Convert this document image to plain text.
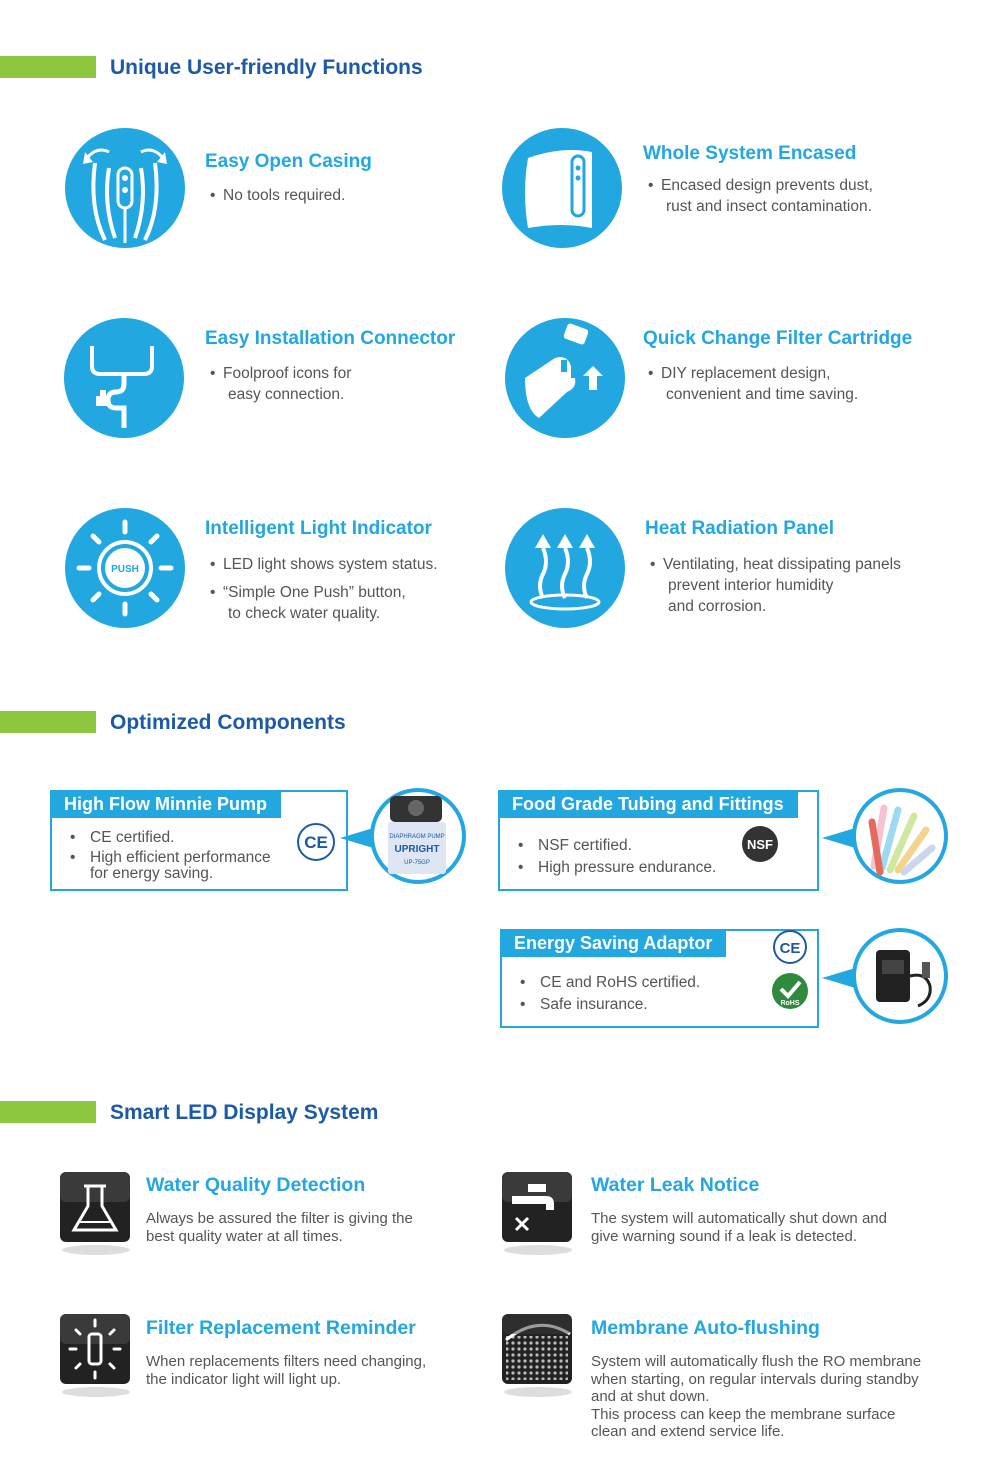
Unique User-friendly Functions
Easy Open Casing
• No tools required.
Whole System Encased
• Encased design prevents dust,
rust and insect contamination.
Easy Installation Connector
• Foolproof icons for
easy connection.
Quick Change Filter Cartridge
• DIY replacement design,
convenient and time saving.
PUSH
Intelligent Light Indicator
• LED light shows system status.
• “Simple One Push” button,
to check water quality.
Heat Radiation Panel
• Ventilating, heat dissipating panels
prevent interior humidity
and corrosion.
Optimized Components
High Flow Minnie Pump
• CE certified.
• High efficient performance
for energy saving.
CE	DIAPHRAGM PUMP
UPRIGHT
UP-75GP
Food Grade Tubing and Fittings
• NSF certified.
• High pressure endurance.
NSF
Energy Saving Adaptor
• CE and RoHS certified.
• Safe insurance.
CE
RoHS
Smart LED Display System
Water Quality Detection
Always be assured the filter is giving the
best quality water at all times.
Water Leak Notice
The system will automatically shut down and
give warning sound if a leak is detected.
Filter Replacement Reminder
When replacements filters need changing,
the indicator light will light up.
Membrane Auto-flushing
System will automatically flush the RO membrane
when starting, on regular intervals during standby
and at shut down.
This process can keep the membrane surface
clean and extend service life.
